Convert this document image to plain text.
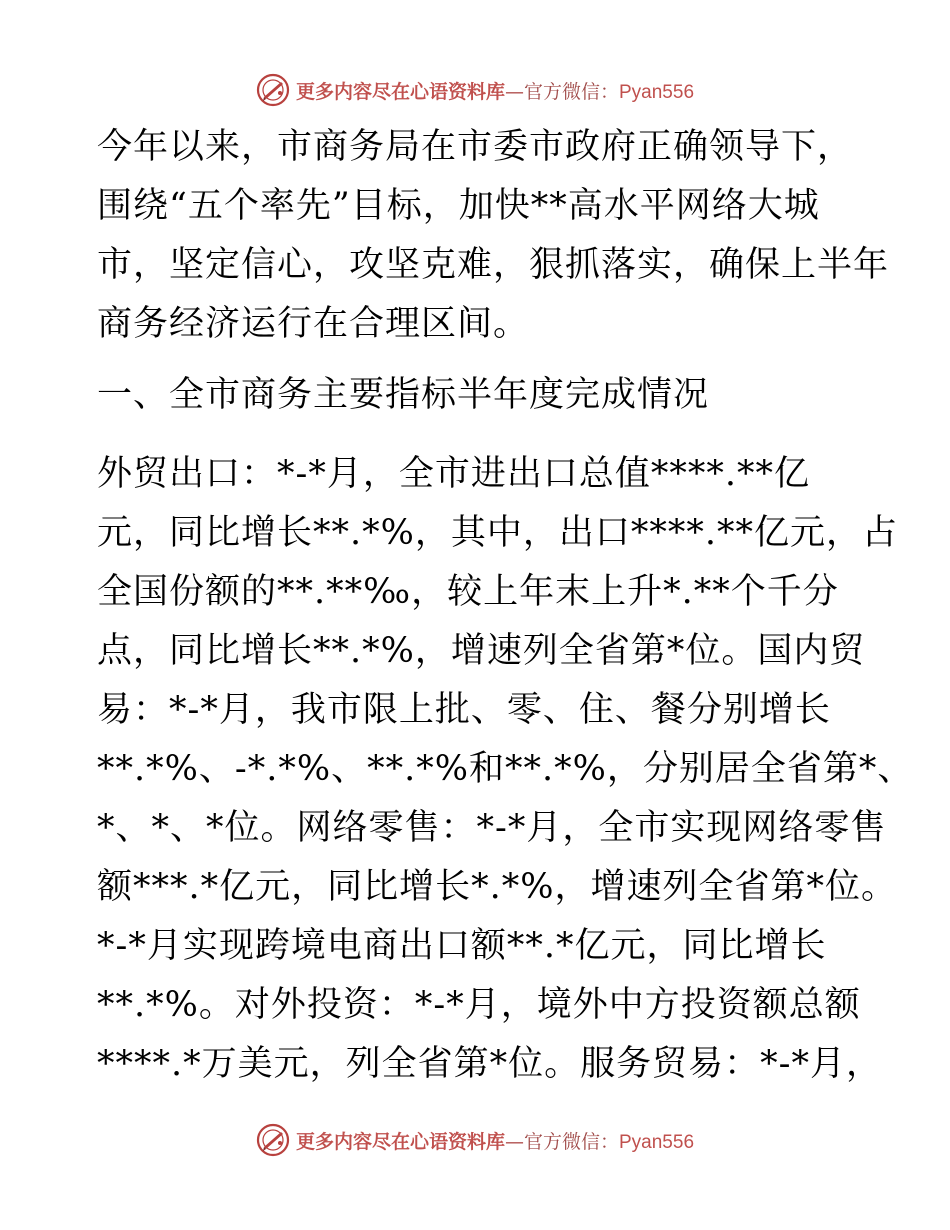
更多内容尽在心语资料库—官方微信：Pyan556
今年以来，市商务局在市委市政府正确领导下，
围绕“五个率先”目标，加快**高水平网络大城
市，坚定信心，攻坚克难，狠抓落实，确保上半年
商务经济运行在合理区间。
一、全市商务主要指标半年度完成情况
外贸出口：*-*月，全市进出口总值****.**亿
元，同比增长**.*%，其中，出口****.**亿元，占
全国份额的**.**‰，较上年末上升*.**个千分
点，同比增长**.*%，增速列全省第*位。国内贸
易：*-*月，我市限上批、零、住、餐分别增长
**.*%、-*.*%、**.*%和**.*%，分别居全省第*、
*、*、*位。网络零售：*-*月，全市实现网络零售
额***.*亿元，同比增长*.*%，增速列全省第*位。
*-*月实现跨境电商出口额**.*亿元，同比增长
**.*%。对外投资：*-*月，境外中方投资额总额
****.*万美元，列全省第*位。服务贸易：*-*月，
更多内容尽在心语资料库—官方微信：Pyan556
